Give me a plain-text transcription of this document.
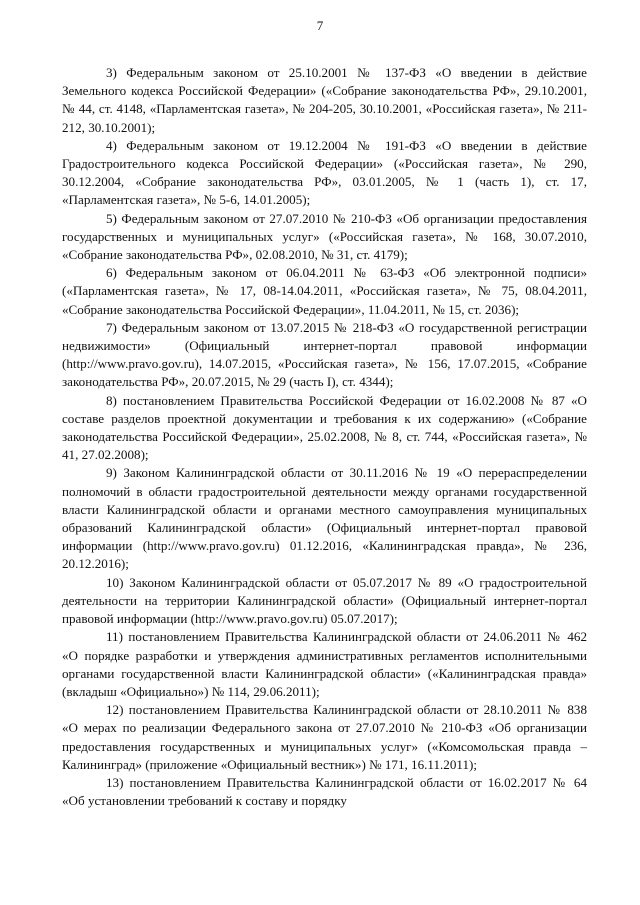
7

3) Федеральным законом от 25.10.2001 № 137-ФЗ «О введении в действие Земельного кодекса Российской Федерации» («Собрание законодательства РФ», 29.10.2001, № 44, ст. 4148, «Парламентская газета», № 204-205, 30.10.2001, «Российская газета», № 211-212, 30.10.2001);

4) Федеральным законом от 19.12.2004 № 191-ФЗ «О введении в действие Градостроительного кодекса Российской Федерации» («Российская газета», № 290, 30.12.2004, «Собрание законодательства РФ», 03.01.2005, № 1 (часть 1), ст. 17, «Парламентская газета», № 5-6, 14.01.2005);

5) Федеральным законом от 27.07.2010 № 210-ФЗ «Об организации предоставления государственных и муниципальных услуг» («Российская газета», № 168, 30.07.2010, «Собрание законодательства РФ», 02.08.2010, № 31, ст. 4179);

6) Федеральным законом от 06.04.2011 № 63-ФЗ «Об электронной подписи» («Парламентская газета», № 17, 08-14.04.2011, «Российская газета», № 75, 08.04.2011, «Собрание законодательства Российской Федерации», 11.04.2011, № 15, ст. 2036);

7) Федеральным законом от 13.07.2015 № 218-ФЗ «О государственной регистрации недвижимости» (Официальный интернет-портал правовой информации (http://www.pravo.gov.ru), 14.07.2015, «Российская газета», № 156, 17.07.2015, «Собрание законодательства РФ», 20.07.2015, № 29 (часть I), ст. 4344);

8) постановлением Правительства Российской Федерации от 16.02.2008 № 87 «О составе разделов проектной документации и требования к их содержанию» («Собрание законодательства Российской Федерации», 25.02.2008, № 8, ст. 744, «Российская газета», № 41, 27.02.2008);

9) Законом Калининградской области от 30.11.2016 № 19 «О перераспределении полномочий в области градостроительной деятельности между органами государственной власти Калининградской области и органами местного самоуправления муниципальных образований Калининградской области» (Официальный интернет-портал правовой информации (http://www.pravo.gov.ru) 01.12.2016, «Калининградская правда», № 236, 20.12.2016);

10) Законом Калининградской области от 05.07.2017 № 89 «О градостроительной деятельности на территории Калининградской области» (Официальный интернет-портал правовой информации (http://www.pravo.gov.ru) 05.07.2017);

11) постановлением Правительства Калининградской области от 24.06.2011 № 462 «О порядке разработки и утверждения административных регламентов исполнительными органами государственной власти Калининградской области» («Калининградская правда» (вкладыш «Официально») № 114, 29.06.2011);

12) постановлением Правительства Калининградской области от 28.10.2011 № 838 «О мерах по реализации Федерального закона от 27.07.2010 № 210-ФЗ «Об организации предоставления государственных и муниципальных услуг» («Комсомольская правда – Калининград» (приложение «Официальный вестник») № 171, 16.11.2011);

13) постановлением Правительства Калининградской области от 16.02.2017 № 64 «Об установлении требований к составу и порядку
